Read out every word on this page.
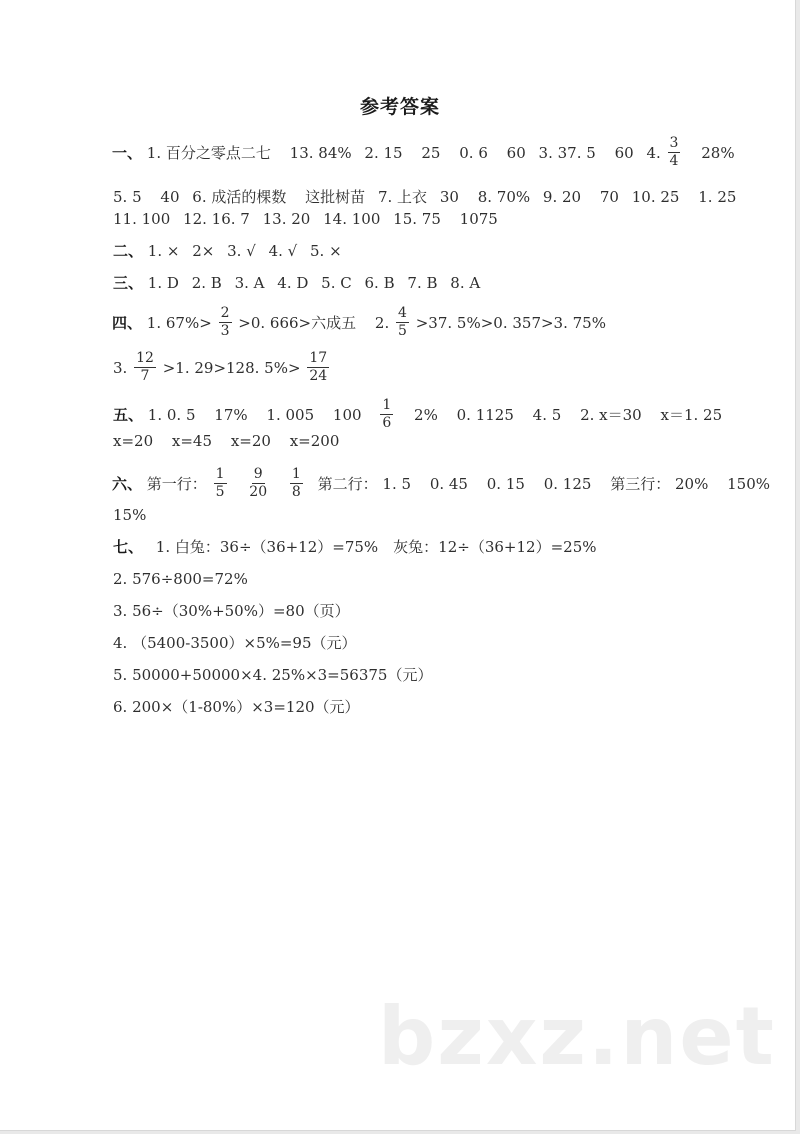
参考答案
一、 1. 百分之零点二七 13. 84% 2. 15 25 0. 6 60 3. 37. 5 60 4. $\frac{3}{4} 28\%$
5. 5 40 6. 成活的棵数 这批树苗 7. 上衣 30 8. 70% 9. 20 70 10. 25 1. 25
11. 100 12. 16. 7 13. 20 14. 100 15. 75 1075
二、 1. × 2× 3. √ 4. √ 5. ×
三、 1. D 2. B 3. A 4. D 5. C 6. B 7. B 8. A
四、 1. $67\%> \frac{2}{3} >0$. 666>六成五 2. $\frac{4}{5} >37$. 5%>0. 357>3. 75%
3. $\frac{12}{7} >1$. 29>128. $5\%> \frac{17}{24}$
五、 1. 0. 5 17% 1. 005 $100 \frac{1}{6} 2\%$ 0. 1125 4. 5 2. x＝30 x＝1. 25
x=20 x=45 x=20 x=200
六、 第一行： $\frac{1}{5}$
$\frac{9}{20}$
$\frac{1}{8}$ 第二行： 1. 5 0. 45 0. 15 0. 125 第三行： 20% 150%
15%
七、 1. 白兔：36÷（36+12）=75%　灰兔：12÷（36+12）=25%
2. 576÷800=72%
3. 56÷（30%+50%）=80（页）
4. （5400-3500）×5%=95（元）
5. 50000+50000×4. 25%×3=56375（元）
6. 200×（1-80%）×3=120（元）
bzxz.net
